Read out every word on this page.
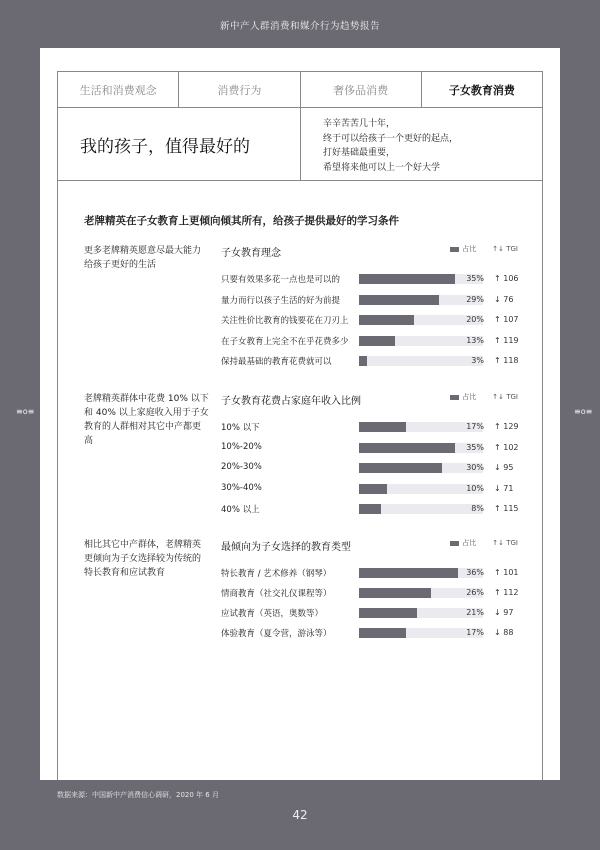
新中产人群消费和媒介行为趋势报告
生活和消费观念	消费行为	奢侈品消费	子女教育消费
我的孩子，值得最好的
辛辛苦苦几十年，
终于可以给孩子一个更好的起点，
打好基础最重要，
希望将来他可以上一个好大学
老牌精英在子女教育上更倾向倾其所有，给孩子提供最好的学习条件
更多老牌精英愿意尽最大能力给孩子更好的生活
子女教育理念	占比 ↑↓ TGI
只要有效果多花一点也是可以的	35% ↑ 106
量力而行以孩子生活的好为前提	29% ↓ 76
关注性价比教育的钱要花在刀刃上	20% ↑ 107
在子女教育上完全不在乎花费多少	13% ↑ 119
保持最基础的教育花费就可以	3% ↑ 118
老牌精英群体中花费 10% 以下和 40% 以上家庭收入用于子女教育的人群相对其它中产都更高
子女教育花费占家庭年收入比例	占比 ↑↓ TGI
10% 以下	17% ↑ 129
10%-20%	35% ↑ 102
20%-30%	30% ↓ 95
30%-40%	10% ↓ 71
40% 以上	8% ↑ 115
相比其它中产群体，老牌精英更倾向为子女选择较为传统的特长教育和应试教育
最倾向为子女选择的教育类型	占比 ↑↓ TGI
特长教育 / 艺术修养（钢琴）	36% ↑ 101
情商教育（社交礼仪课程等）	26% ↑ 112
应试教育（英语，奥数等）	21% ↓ 97
体验教育（夏令营，游泳等）	17% ↓ 88
≡o≡	≡o≡
数据来源：中国新中产消费信心调研，2020 年 6 月
42
